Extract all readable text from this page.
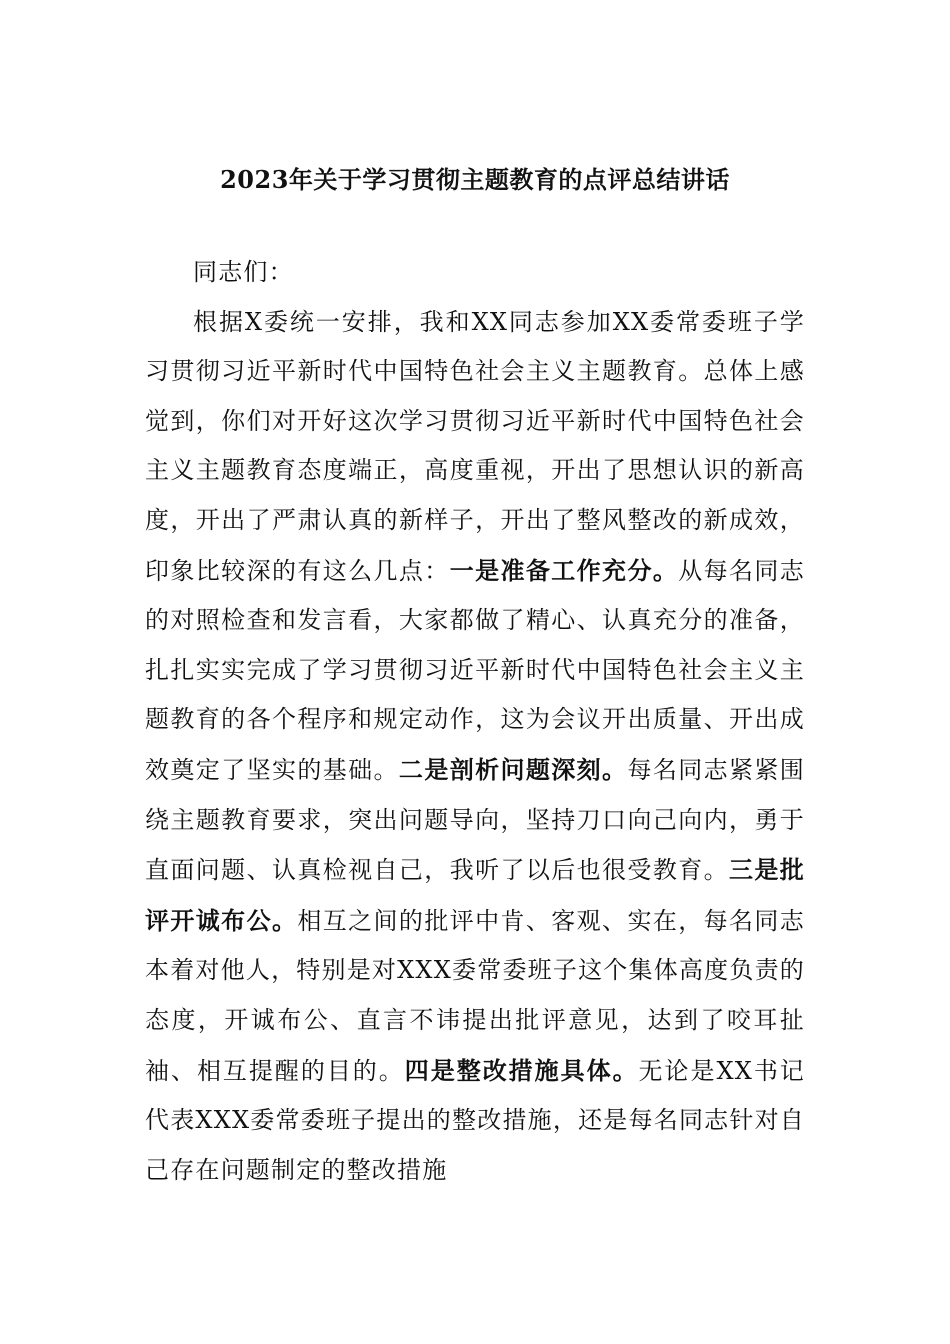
2023年关于学习贯彻主题教育的点评总结讲话

同志们：

根据X委统一安排，我和XX同志参加XX委常委班子学习贯彻习近平新时代中国特色社会主义主题教育。总体上感觉到，你们对开好这次学习贯彻习近平新时代中国特色社会主义主题教育态度端正，高度重视，开出了思想认识的新高度，开出了严肃认真的新样子，开出了整风整改的新成效，印象比较深的有这么几点：一是准备工作充分。从每名同志的对照检查和发言看，大家都做了精心、认真充分的准备，扎扎实实完成了学习贯彻习近平新时代中国特色社会主义主题教育的各个程序和规定动作，这为会议开出质量、开出成效奠定了坚实的基础。二是剖析问题深刻。每名同志紧紧围绕主题教育要求，突出问题导向，坚持刀口向己向内，勇于直面问题、认真检视自己，我听了以后也很受教育。三是批评开诚布公。相互之间的批评中肯、客观、实在，每名同志本着对他人，特别是对XXX委常委班子这个集体高度负责的态度，开诚布公、直言不讳提出批评意见，达到了咬耳扯袖、相互提醒的目的。四是整改措施具体。无论是XX书记代表XXX委常委班子提出的整改措施，还是每名同志针对自己存在问题制定的整改措施
